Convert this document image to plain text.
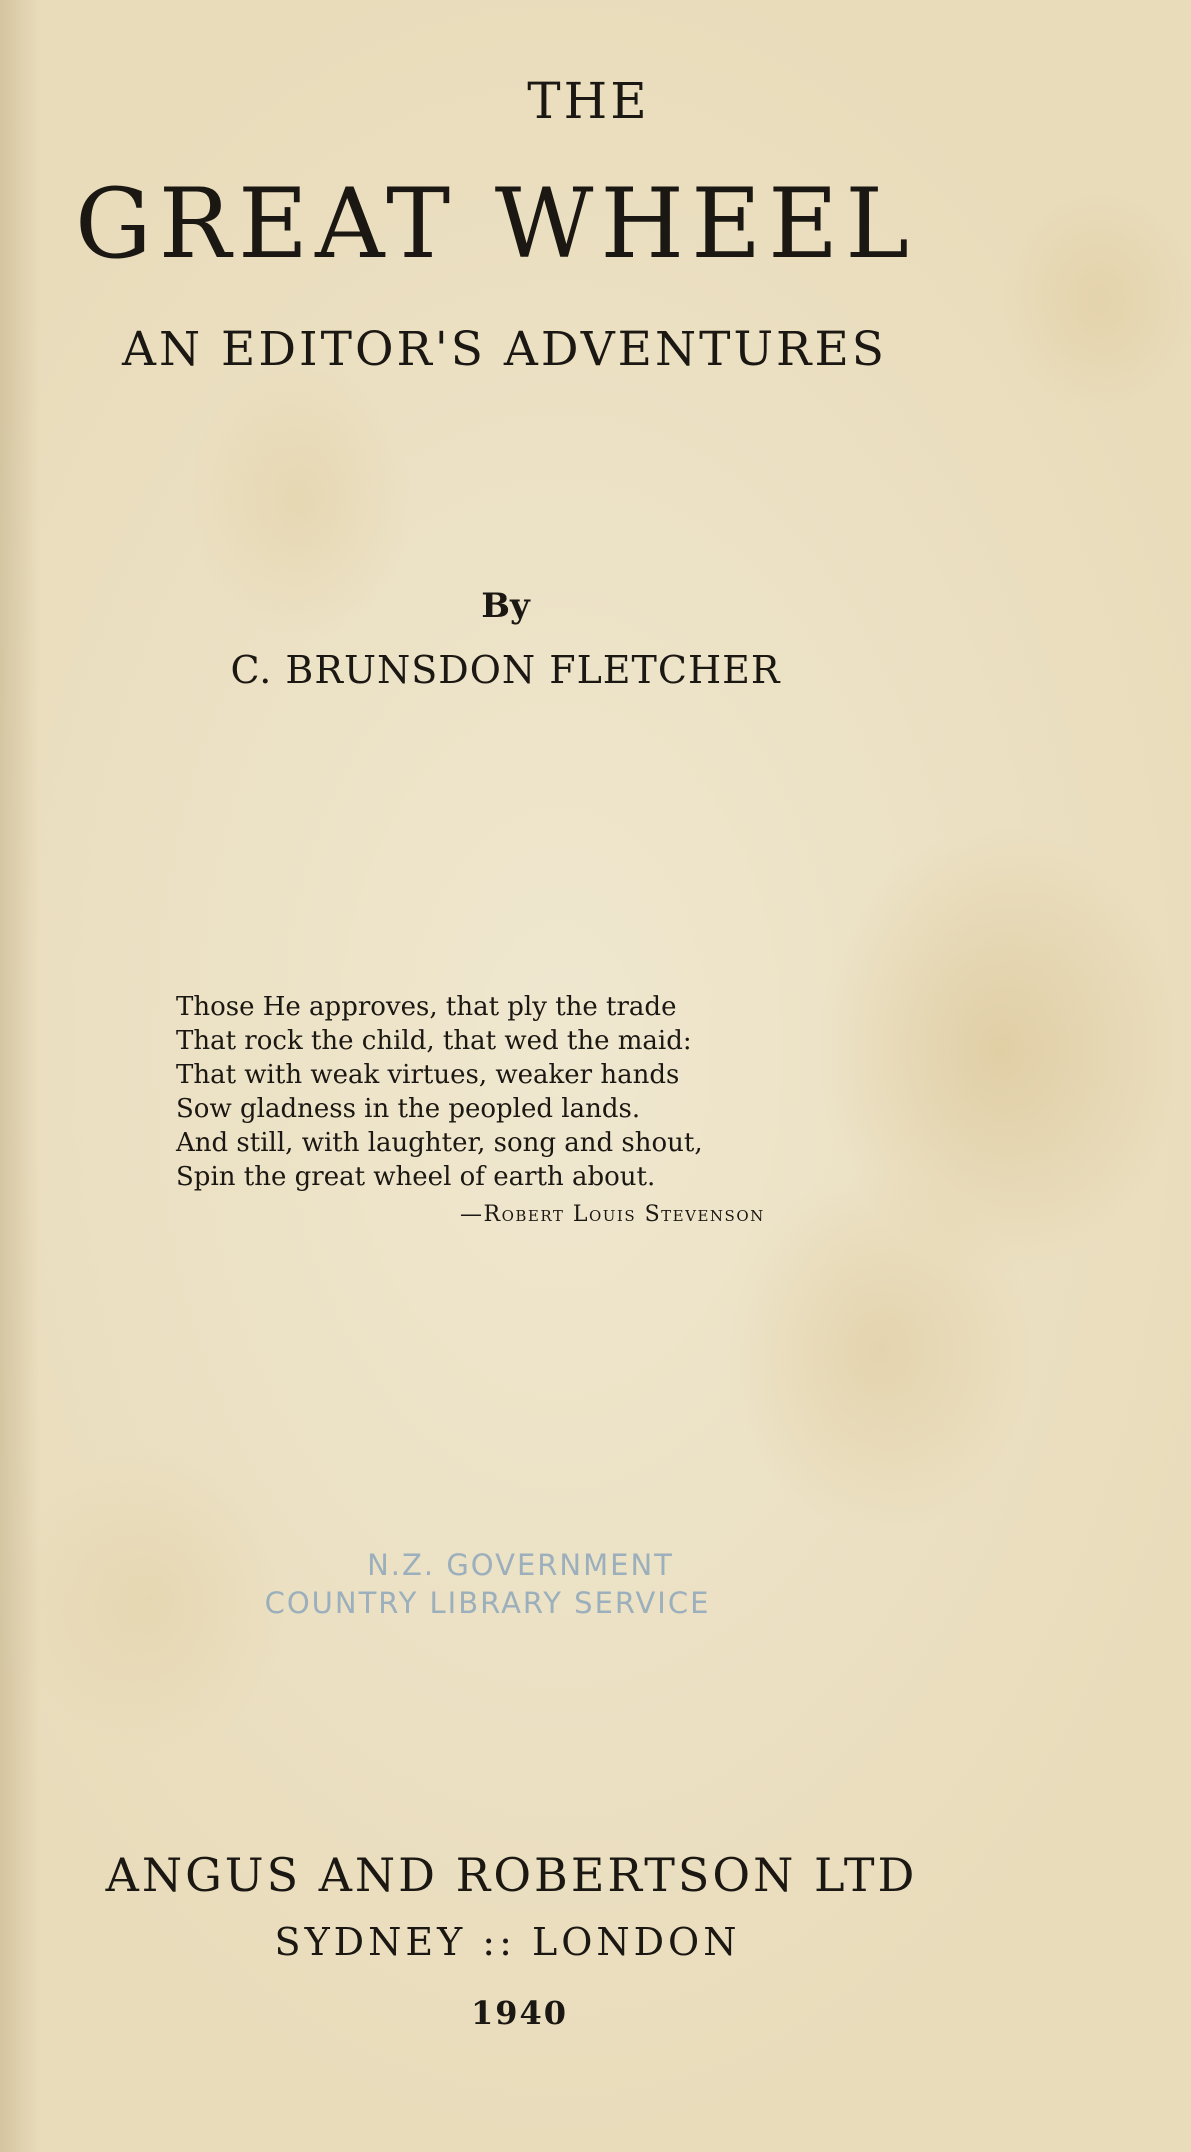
THE
GREAT WHEEL
AN EDITOR'S ADVENTURES
By
C. BRUNSDON FLETCHER
Those He approves, that ply the trade
That rock the child, that wed the maid:
That with weak virtues, weaker hands
Sow gladness in the peopled lands.
And still, with laughter, song and shout,
Spin the great wheel of earth about.
—Robert Louis Stevenson
N.Z. GOVERNMENT
COUNTRY LIBRARY SERVICE
ANGUS AND ROBERTSON LTD
SYDNEY :: LONDON
1940
